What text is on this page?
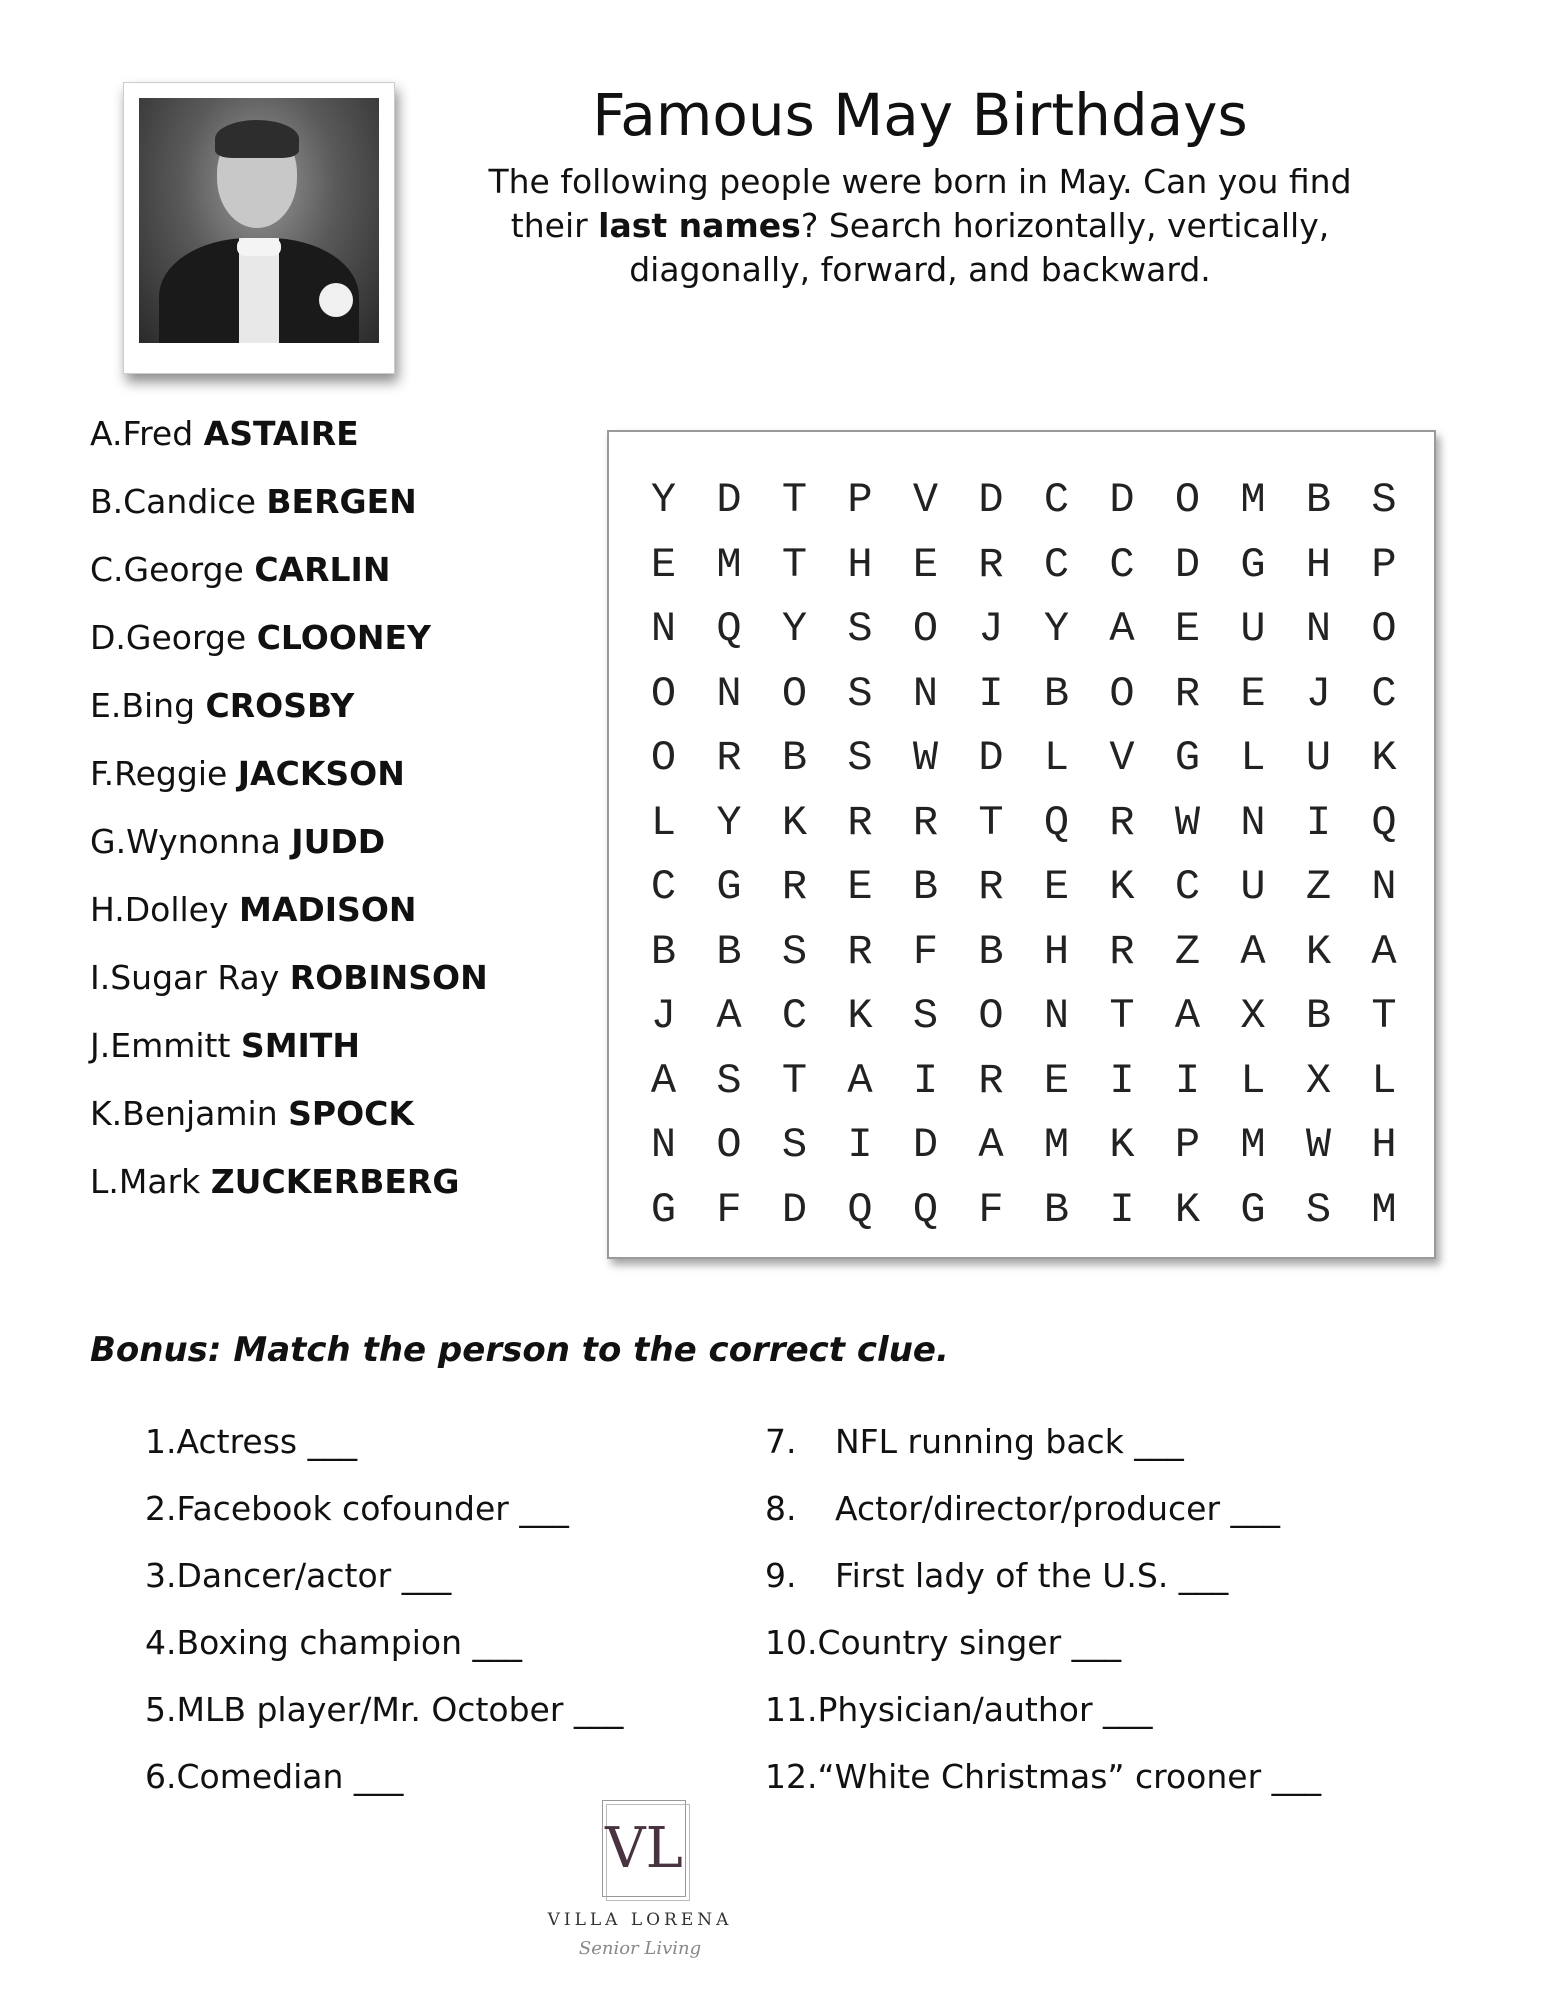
Famous May Birthdays

The following people were born in May. Can you find
their last names? Search horizontally, vertically,
diagonally, forward, and backward.

A.Fred ASTAIRE
B.Candice BERGEN
C.George CARLIN
D.George CLOONEY
E.Bing CROSBY
F.Reggie JACKSON
G.Wynonna JUDD
H.Dolley MADISON
I.Sugar Ray ROBINSON
J.Emmitt SMITH
K.Benjamin SPOCK
L.Mark ZUCKERBERG
Y D T P V D C D O M B S
E M T H E R C C D G H P
N Q Y S O J Y A E U N O
O N O S N I B O R E J C
O R B S W D L V G L U K
L Y K R R T Q R W N I Q
C G R E B R E K C U Z N
B B S R F B H R Z A K A
J A C K S O N T A X B T
A S T A I R E I I L X L
N O S I D A M K P M W H
G F D Q Q F B I K G S M
Bonus: Match the person to the correct clue.
1.Actress ___
2.Facebook cofounder ___
3.Dancer/actor ___
4.Boxing champion ___
5.MLB player/Mr. October ___
6.Comedian ___
7. NFL running back ___
8. Actor/director/producer ___
9. First lady of the U.S. ___
10.Country singer ___
11.Physician/author ___
12.“White Christmas” crooner ___
VL
VILLA LORENA
Senior Living
